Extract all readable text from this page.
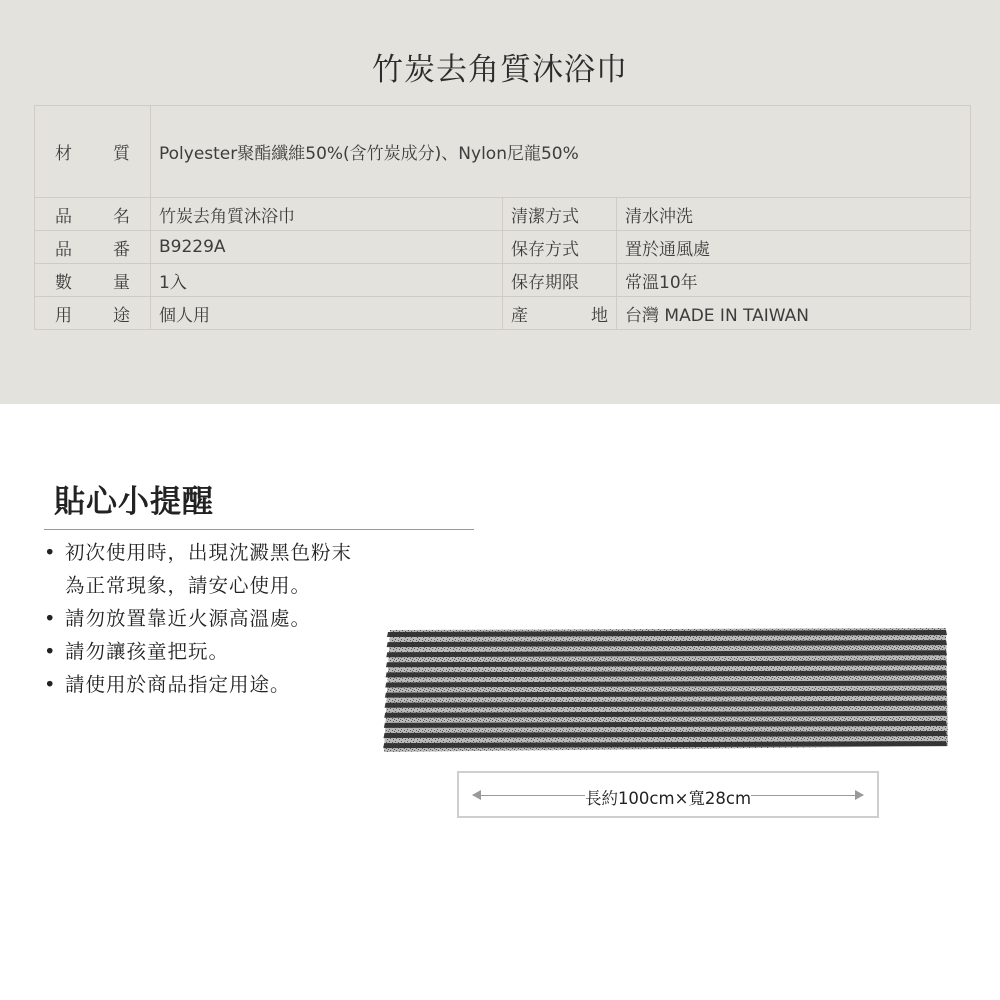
竹炭去角質沐浴巾
材 質	Polyester聚酯纖維50%(含竹炭成分)、Nylon尼龍50%		

品 名	竹炭去角質沐浴巾	清潔方式	清水沖洗

品 番	B9229A	保存方式	置於通風處

數 量	1入	保存期限	常溫10年

用 途	個人用	產 地	台灣 MADE IN TAIWAN
貼心小提醒
• 初次使用時，出現沈澱黑色粉末
為正常現象，請安心使用。
• 請勿放置靠近火源高溫處。
• 請勿讓孩童把玩。
• 請使用於商品指定用途。
長約100cm×寬28cm
